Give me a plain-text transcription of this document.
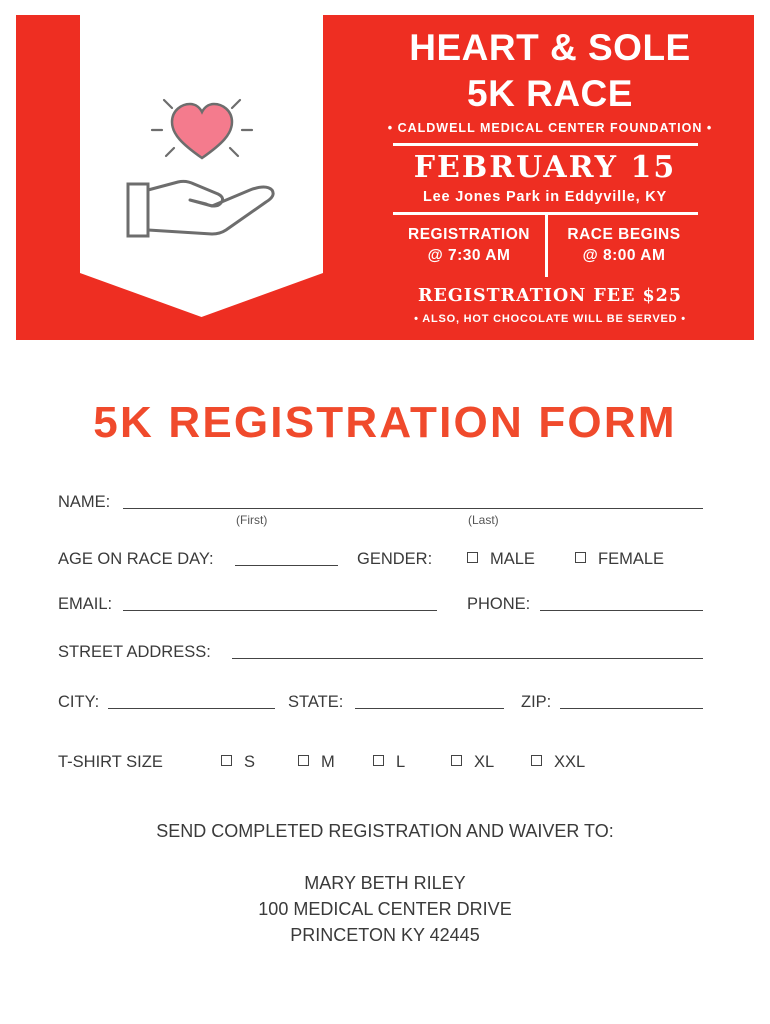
HEART & SOLE
5K RACE
• CALDWELL MEDICAL CENTER FOUNDATION •
FEBRUARY 15
Lee Jones Park in Eddyville, KY
REGISTRATION
@ 7:30 AM
RACE BEGINS
@ 8:00 AM
REGISTRATION FEE $25
• ALSO, HOT CHOCOLATE WILL BE SERVED •
5K REGISTRATION FORM
NAME:
(First)	(Last)
AGE ON RACE DAY:	GENDER:	MALE	FEMALE
EMAIL:	PHONE:
STREET ADDRESS:
CITY:	STATE:	ZIP:
T-SHIRT SIZE	S	M	L	XL	XXL
SEND COMPLETED REGISTRATION AND WAIVER TO:
MARY BETH RILEY
100 MEDICAL CENTER DRIVE
PRINCETON KY 42445
